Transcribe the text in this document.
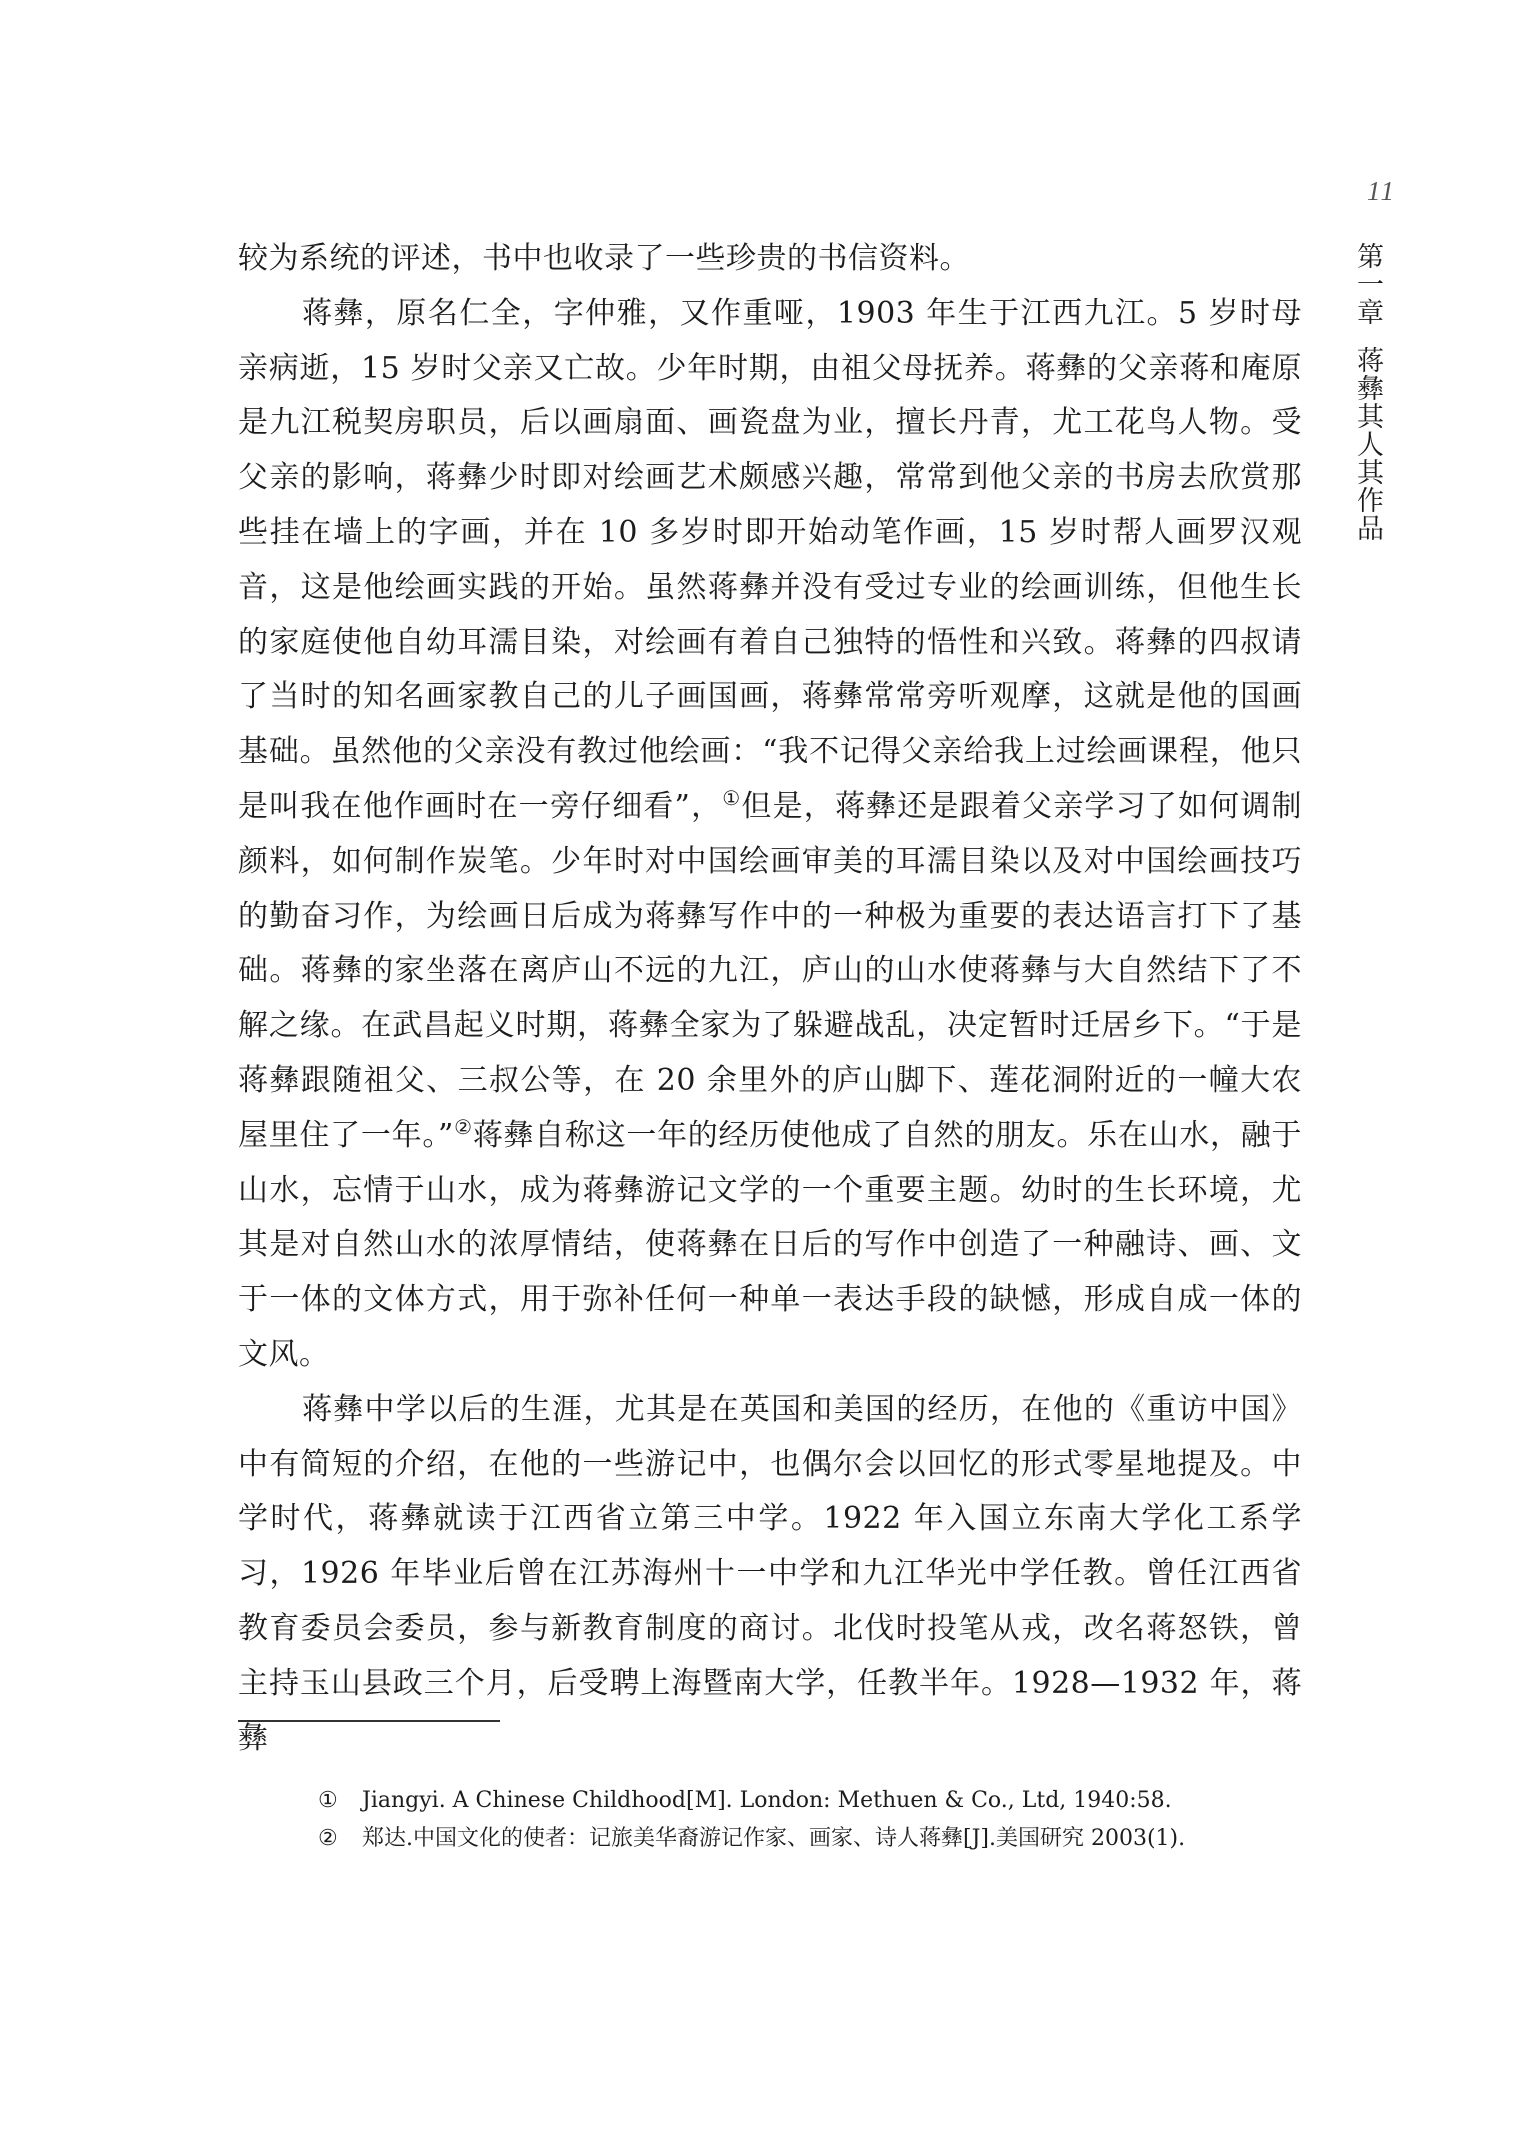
11
第一章蒋彝其人其作品

较为系统的评述，书中也收录了一些珍贵的书信资料。

蒋彝，原名仁全，字仲雅，又作重哑，1903 年生于江西九江。5 岁时母亲病逝，15 岁时父亲又亡故。少年时期，由祖父母抚养。蒋彝的父亲蒋和庵原是九江税契房职员，后以画扇面、画瓷盘为业，擅长丹青，尤工花鸟人物。受父亲的影响，蒋彝少时即对绘画艺术颇感兴趣，常常到他父亲的书房去欣赏那些挂在墙上的字画，并在 10 多岁时即开始动笔作画，15 岁时帮人画罗汉观音，这是他绘画实践的开始。虽然蒋彝并没有受过专业的绘画训练，但他生长的家庭使他自幼耳濡目染，对绘画有着自己独特的悟性和兴致。蒋彝的四叔请了当时的知名画家教自己的儿子画国画，蒋彝常常旁听观摩，这就是他的国画基础。虽然他的父亲没有教过他绘画：“我不记得父亲给我上过绘画课程，他只是叫我在他作画时在一旁仔细看”，①但是，蒋彝还是跟着父亲学习了如何调制颜料，如何制作炭笔。少年时对中国绘画审美的耳濡目染以及对中国绘画技巧的勤奋习作，为绘画日后成为蒋彝写作中的一种极为重要的表达语言打下了基础。蒋彝的家坐落在离庐山不远的九江，庐山的山水使蒋彝与大自然结下了不解之缘。在武昌起义时期，蒋彝全家为了躲避战乱，决定暂时迁居乡下。“于是蒋彝跟随祖父、三叔公等，在 20 余里外的庐山脚下、莲花洞附近的一幢大农屋里住了一年。”②蒋彝自称这一年的经历使他成了自然的朋友。乐在山水，融于山水，忘情于山水，成为蒋彝游记文学的一个重要主题。幼时的生长环境，尤其是对自然山水的浓厚情结，使蒋彝在日后的写作中创造了一种融诗、画、文于一体的文体方式，用于弥补任何一种单一表达手段的缺憾，形成自成一体的文风。

蒋彝中学以后的生涯，尤其是在英国和美国的经历，在他的《重访中国》中有简短的介绍，在他的一些游记中，也偶尔会以回忆的形式零星地提及。中学时代，蒋彝就读于江西省立第三中学。1922 年入国立东南大学化工系学习，1926 年毕业后曾在江苏海州十一中学和九江华光中学任教。曾任江西省教育委员会委员，参与新教育制度的商讨。北伐时投笔从戎，改名蒋怒铁，曾主持玉山县政三个月，后受聘上海暨南大学，任教半年。1928—1932 年，蒋彝

①	Jiangyi. A Chinese Childhood[M]. London: Methuen & Co., Ltd, 1940:58.
②	郑达.中国文化的使者：记旅美华裔游记作家、画家、诗人蒋彝[J].美国研究 2003(1).
